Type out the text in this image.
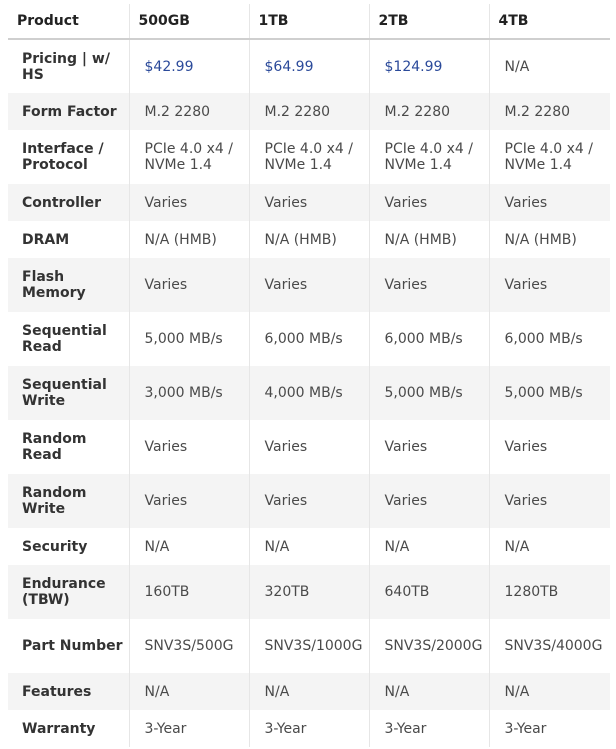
Product	500GB	1TB	2TB	4TB
Pricing | w/ HS	$42.99	$64.99	$124.99	N/A
Form Factor	M.2 2280	M.2 2280	M.2 2280	M.2 2280
Interface / Protocol	PCIe 4.0 x4 / NVMe 1.4	PCIe 4.0 x4 / NVMe 1.4	PCIe 4.0 x4 / NVMe 1.4	PCIe 4.0 x4 / NVMe 1.4
Controller	Varies	Varies	Varies	Varies
DRAM	N/A (HMB)	N/A (HMB)	N/A (HMB)	N/A (HMB)
Flash Memory	Varies	Varies	Varies	Varies
Sequential Read	5,000 MB/s	6,000 MB/s	6,000 MB/s	6,000 MB/s
Sequential Write	3,000 MB/s	4,000 MB/s	5,000 MB/s	5,000 MB/s
Random Read	Varies	Varies	Varies	Varies
Random Write	Varies	Varies	Varies	Varies
Security	N/A	N/A	N/A	N/A
Endurance (TBW)	160TB	320TB	640TB	1280TB
Part Number	SNV3S/500G	SNV3S/1000G	SNV3S/2000G	SNV3S/4000G
Features	N/A	N/A	N/A	N/A
Warranty	3-Year	3-Year	3-Year	3-Year
